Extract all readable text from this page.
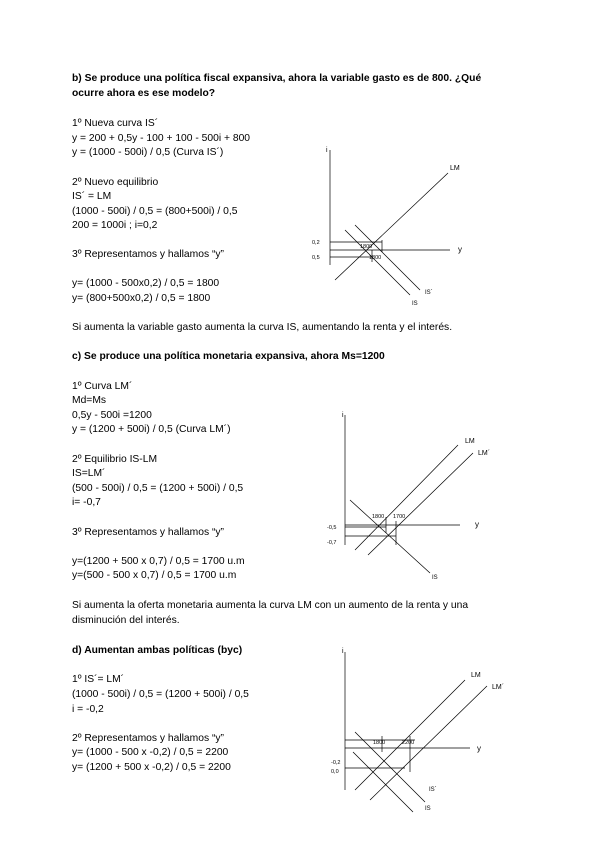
b) Se produce una política fiscal expansiva, ahora la variable gasto es de 800. ¿Qué
ocurre ahora es ese modelo?
1º Nueva curva IS´
y = 200 + 0,5y - 100 + 100 - 500i + 800
y = (1000 - 500i) / 0,5 (Curva IS´)
2º Nuevo equilibrio
IS´ = LM
(1000 - 500i) / 0,5 = (800+500i) / 0,5
200 = 1000i ; i=0,2
3º Representamos y hallamos “y”
y= (1000 - 500x0,2) / 0,5 = 1800
y= (800+500x0,2) / 0,5 = 1800
Si aumenta la variable gasto aumenta la curva IS, aumentando la renta y el interés.
i
y
LM
IS
IS´
0,2
0,5
1800
1800
c) Se produce una política monetaria expansiva, ahora Ms=1200
1º Curva LM´
Md=Ms
0,5y - 500i =1200
y = (1200 + 500i) / 0,5 (Curva LM´)
2º Equilibrio IS-LM
IS=LM´
(500 - 500i) / 0,5 = (1200 + 500i) / 0,5
i= -0,7
3º Representamos y hallamos “y”
y=(1200 + 500 x 0,7) / 0,5 = 1700 u.m
y=(500 - 500 x 0,7) / 0,5 = 1700 u.m
Si aumenta la oferta monetaria aumenta la curva LM con un aumento de la renta y una
disminución del interés.
i
y
LM
LM´
IS
-0,5
-0,7
1800 1700
d) Aumentan ambas políticas (byc)
1º IS´= LM´
(1000 - 500i) / 0,5 = (1200 + 500i) / 0,5
i = -0,2
2º Representamos y hallamos “y”
y= (1000 - 500 x -0,2) / 0,5 = 2200
y= (1200 + 500 x -0,2) / 0,5 = 2200
i
y
LM
LM´
IS´
IS
-0,2
0,0
1800	2200
